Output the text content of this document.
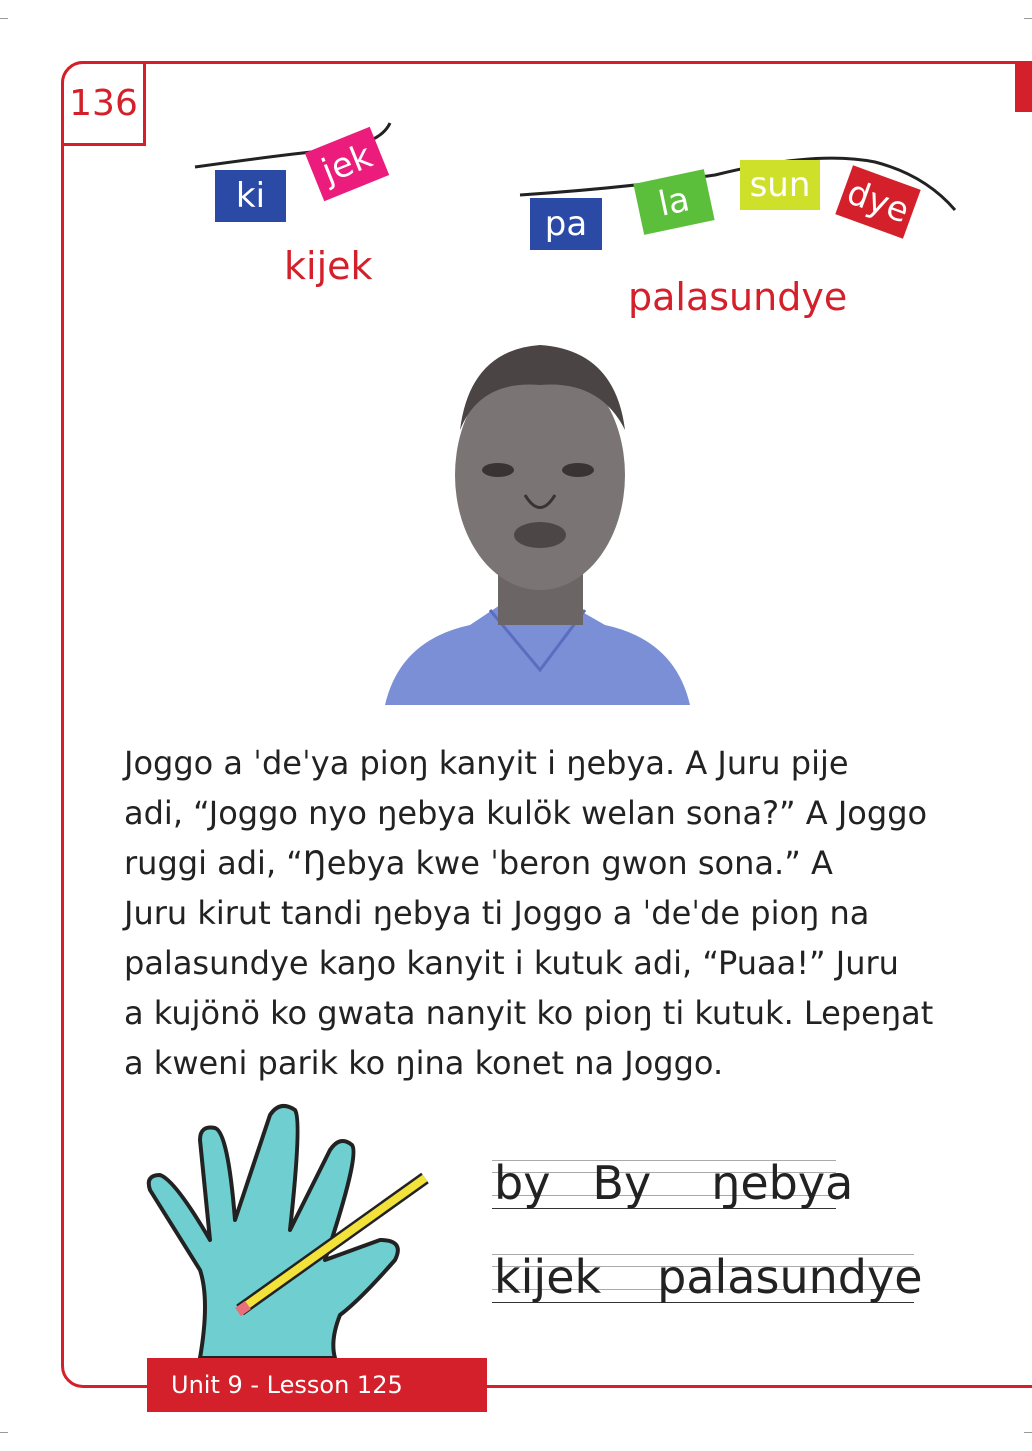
136
ki
jek
kijek
pa	la	sun dye
palasundye
Joggo a ˈdeˈya pioŋ kanyit i ŋebya. A Juru pije
adi, “Joggo nyo ŋebya kulök welan sona?” A Joggo
ruggi adi, “Ŋebya kwe ˈberon gwon sona.” A
Juru kirut tandi ŋebya ti Joggo a ˈdeˈde pioŋ na
palasundye kaŋo kanyit i kutuk adi, “Puaa!” Juru
a kujönö ko gwata nanyit ko pioŋ ti kutuk. Lepeŋat
a kweni parik ko ŋina konet na Joggo.
by By ŋebya
kijek palasundye
Unit 9 - Lesson 125
